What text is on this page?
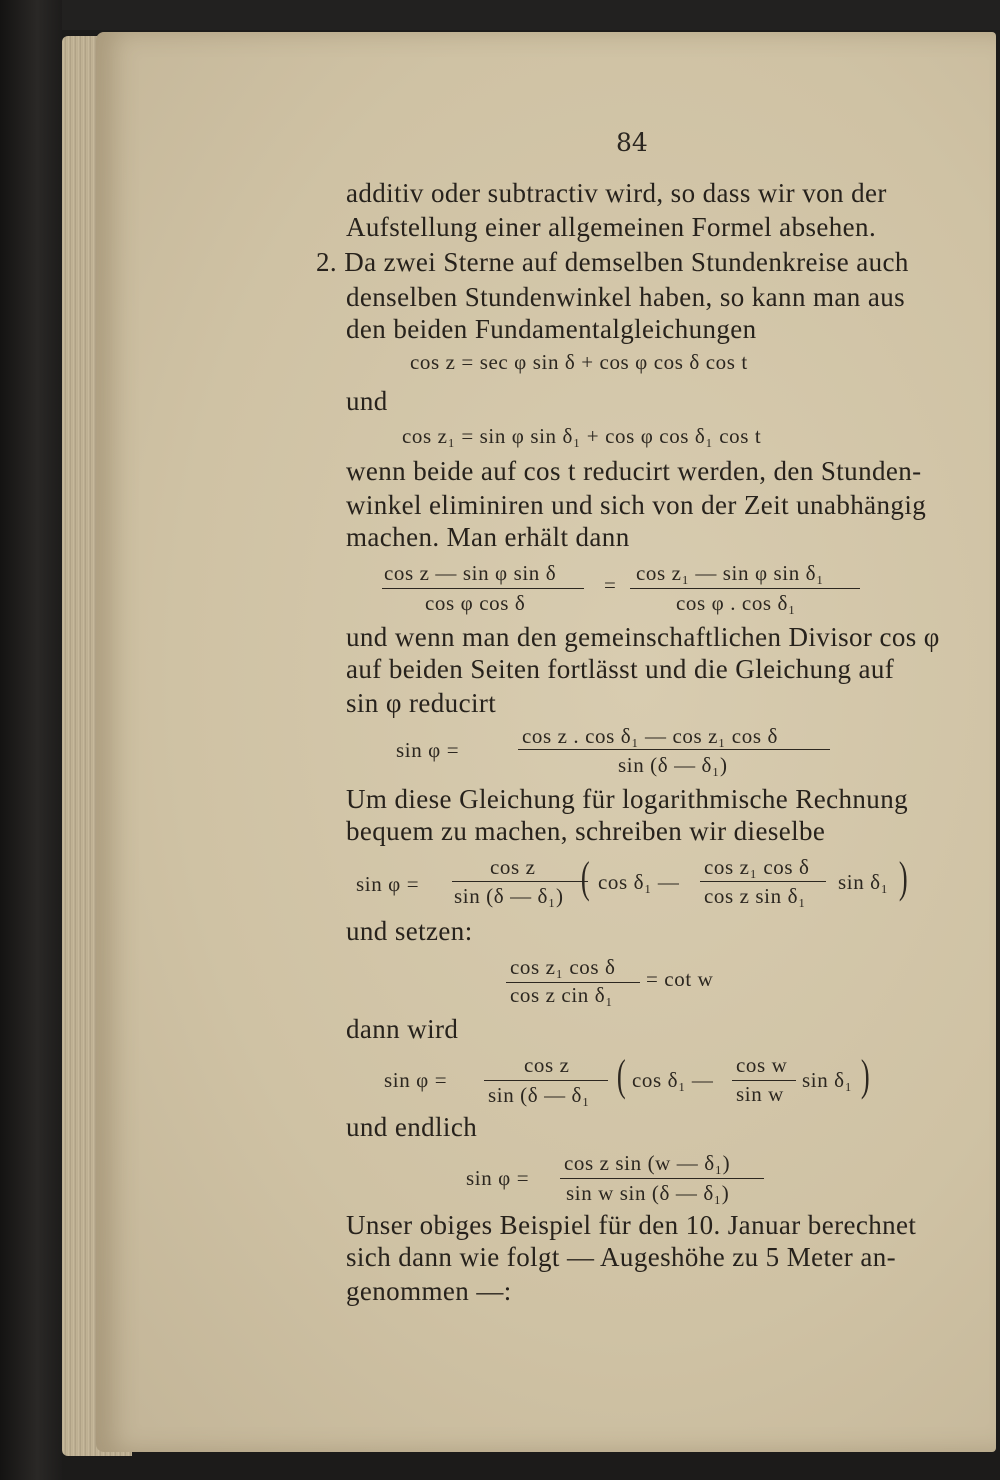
84
additiv oder subtractiv wird, so dass wir von der
Aufstellung einer allgemeinen Formel absehen.
2. Da zwei Sterne auf demselben Stundenkreise auch
denselben Stundenwinkel haben, so kann man aus
den beiden Fundamentalgleichungen
cos z = sec φ sin δ + cos φ cos δ cos t
und
cos z₁ = sin φ sin δ₁ + cos φ cos δ₁ cos t
wenn beide auf cos t reducirt werden, den Stunden-
winkel eliminiren und sich von der Zeit unabhängig
machen. Man erhält dann
cos z — sin φ sin δ
cos φ cos δ
= cos z₁ — sin φ sin δ₁
cos φ . cos δ₁
und wenn man den gemeinschaftlichen Divisor cos φ
auf beiden Seiten fortlässt und die Gleichung auf
sin φ reducirt
sin φ =
cos z . cos δ₁ — cos z₁ cos δ
sin (δ — δ₁)
Um diese Gleichung für logarithmische Rechnung
bequem zu machen, schreiben wir dieselbe
sin φ =
cos z
sin (δ — δ₁) ( cos δ₁ —
cos z₁ cos δ
cos z sin δ₁
sin δ₁ )
und setzen:
cos z₁ cos δ
cos z cin δ₁
= cot w
dann wird
sin φ =
cos z
sin (δ — δ₁ ( cos δ₁ —
cos w
sin w
sin δ₁ )
und endlich
sin φ =
cos z sin (w — δ₁)
sin w sin (δ — δ₁)
Unser obiges Beispiel für den 10. Januar berechnet
sich dann wie folgt — Augeshöhe zu 5 Meter an-
genommen —:
